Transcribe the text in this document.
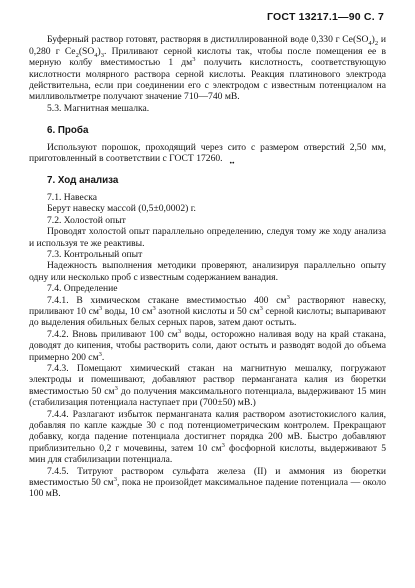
ГОСТ 13217.1—90 С. 7

Буферный раствор готовят, растворяя в дистиллированной воде 0,330 г $Ce(SO_4)_2$ и 0,280 г $Ce_2(SO_4)_3$. Приливают серной кислоты так, чтобы после помещения ее в мерную колбу вместимостью 1 $дм^3$ получить кислотность, соответствующую кислотности молярного раствора серной кислоты. Реакция платинового электрода действительна, если при соединении его с электродом с известным потенциалом на милливольтметре получают значение 710—740 мВ.

5.3. Магнитная мешалка.

6. Проба
••

Используют порошок, проходящий через сито с размером отверстий 2,50 мм, приготовленный в соответствии с ГОСТ 17260.

7. Ход анализа

7.1. Навеска

Берут навеску массой (0,5±0,0002) г.

7.2. Холостой опыт

Проводят холостой опыт параллельно определению, следуя тому же ходу анализа и используя те же реактивы.

7.3. Контрольный опыт

Надежность выполнения методики проверяют, анализируя параллельно опыту одну или несколько проб с известным содержанием ванадия.

7.4. Определение

7.4.1. В химическом стакане вместимостью 400 $см^3$ растворяют навеску, приливают 10 $см^3$ воды, 10 $см^3$ азотной кислоты и 50 $см^3$ серной кислоты; выпаривают до выделения обильных белых серных паров, затем дают остыть.

7.4.2. Вновь приливают 100 $см^3$ воды, осторожно наливая воду на край стакана, доводят до кипения, чтобы растворить соли, дают остыть и разводят водой до объема примерно 200 $см^3$.

7.4.3. Помещают химический стакан на магнитную мешалку, погружают электроды и помешивают, добавляют раствор перманганата калия из бюретки вместимостью 50 $см^3$ до получения максимального потенциала, выдерживают 15 мин (стабилизация потенциала наступает при (700±50) мВ.)

7.4.4. Разлагают избыток перманганата калия раствором азотистокислого калия, добавляя по капле каждые 30 с под потенциометрическим контролем. Прекращают добавку, когда падение потенциала достигнет порядка 200 мВ. Быстро добавляют приблизительно 0,2 г мочевины, затем 10 $см^3$ фосфорной кислоты, выдерживают 5 мин для стабилизации потенциала.

7.4.5. Титруют раствором сульфата железа (II) и аммония из бюретки вместимостью 50 $см^3$, пока не произойдет максимальное падение потенциала — около 100 мВ.
